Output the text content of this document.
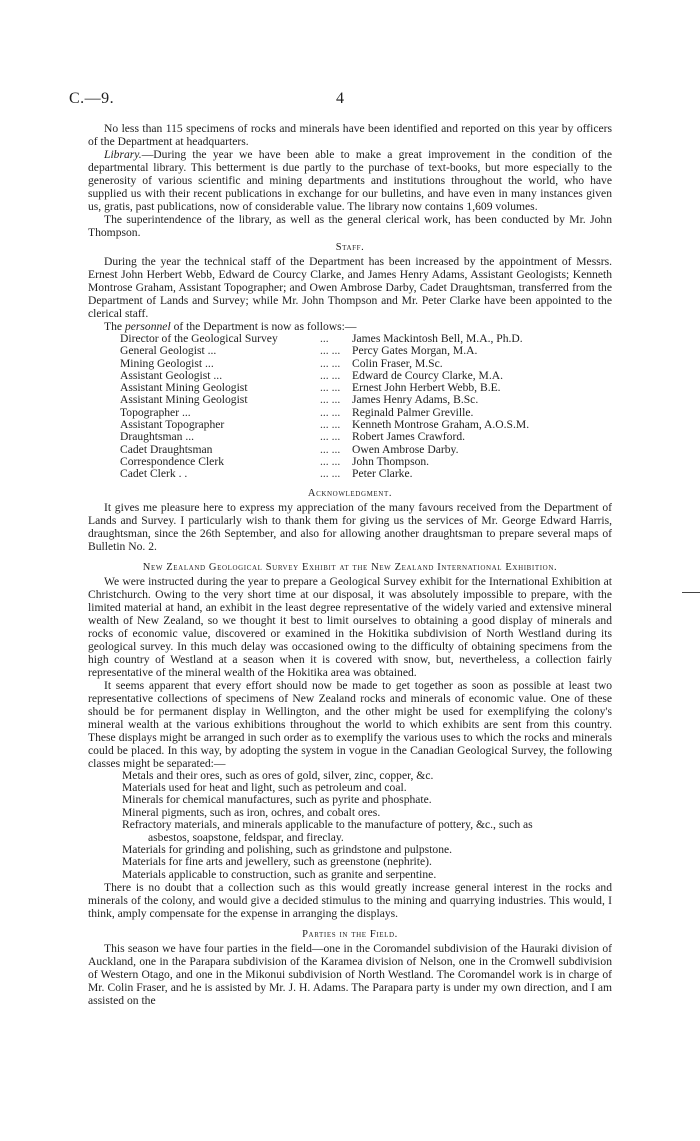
C.—9.	4

No less than 115 specimens of rocks and minerals have been identified and reported on this year by officers of the Department at headquarters.

Library.—During the year we have been able to make a great improvement in the condition of the departmental library. This betterment is due partly to the purchase of text-books, but more especially to the generosity of various scientific and mining departments and institutions throughout the world, who have supplied us with their recent publications in exchange for our bulletins, and have even in many instances given us, gratis, past publications, now of considerable value. The library now contains 1,609 volumes.

The superintendence of the library, as well as the general clerical work, has been conducted by Mr. John Thompson.

Staff.

During the year the technical staff of the Department has been increased by the appointment of Messrs. Ernest John Herbert Webb, Edward de Courcy Clarke, and James Henry Adams, Assistant Geologists; Kenneth Montrose Graham, Assistant Topographer; and Owen Ambrose Darby, Cadet Draughtsman, transferred from the Department of Lands and Survey; while Mr. John Thompson and Mr. Peter Clarke have been appointed to the clerical staff.

The personnel of the Department is now as follows:—

Director of the Geological Survey	...	James Mackintosh Bell, M.A., Ph.D.
General Geologist ...	... ...	Percy Gates Morgan, M.A.
Mining Geologist ...	... ...	Colin Fraser, M.Sc.
Assistant Geologist ...	... ...	Edward de Courcy Clarke, M.A.
Assistant Mining Geologist	... ...	Ernest John Herbert Webb, B.E.
Assistant Mining Geologist	... ...	James Henry Adams, B.Sc.
Topographer ...	... ...	Reginald Palmer Greville.
Assistant Topographer	... ...	Kenneth Montrose Graham, A.O.S.M.
Draughtsman ...	... ...	Robert James Crawford.
Cadet Draughtsman	... ...	Owen Ambrose Darby.
Correspondence Clerk	... ...	John Thompson.
Cadet Clerk . .	... ...	Peter Clarke.
Acknowledgment.

It gives me pleasure here to express my appreciation of the many favours received from the Department of Lands and Survey. I particularly wish to thank them for giving us the services of Mr. George Edward Harris, draughtsman, since the 26th September, and also for allowing another draughtsman to prepare several maps of Bulletin No. 2.

New Zealand Geological Survey Exhibit at the New Zealand International Exhibition.

We were instructed during the year to prepare a Geological Survey exhibit for the International Exhibition at Christchurch. Owing to the very short time at our disposal, it was absolutely impossible to prepare, with the limited material at hand, an exhibit in the least degree representative of the widely varied and extensive mineral wealth of New Zealand, so we thought it best to limit ourselves to obtaining a good display of minerals and rocks of economic value, discovered or examined in the Hokitika subdivision of North Westland during its geological survey. In this much delay was occasioned owing to the difficulty of obtaining specimens from the high country of Westland at a season when it is covered with snow, but, nevertheless, a collection fairly representative of the mineral wealth of the Hokitika area was obtained.

It seems apparent that every effort should now be made to get together as soon as possible at least two representative collections of specimens of New Zealand rocks and minerals of economic value. One of these should be for permanent display in Wellington, and the other might be used for exemplifying the colony's mineral wealth at the various exhibitions throughout the world to which exhibits are sent from this country. These displays might be arranged in such order as to exemplify the various uses to which the rocks and minerals could be placed. In this way, by adopting the system in vogue in the Canadian Geological Survey, the following classes might be separated:—

Metals and their ores, such as ores of gold, silver, zinc, copper, &c.
Materials used for heat and light, such as petroleum and coal.
Minerals for chemical manufactures, such as pyrite and phosphate.
Mineral pigments, such as iron, ochres, and cobalt ores.
Refractory materials, and minerals applicable to the manufacture of pottery, &c., such as
asbestos, soapstone, feldspar, and fireclay.
Materials for grinding and polishing, such as grindstone and pulpstone.
Materials for fine arts and jewellery, such as greenstone (nephrite).
Materials applicable to construction, such as granite and serpentine.

There is no doubt that a collection such as this would greatly increase general interest in the rocks and minerals of the colony, and would give a decided stimulus to the mining and quarrying industries. This would, I think, amply compensate for the expense in arranging the displays.

Parties in the Field.

This season we have four parties in the field—one in the Coromandel subdivision of the Hauraki division of Auckland, one in the Parapara subdivision of the Karamea division of Nelson, one in the Cromwell subdivision of Western Otago, and one in the Mikonui subdivision of North Westland. The Coromandel work is in charge of Mr. Colin Fraser, and he is assisted by Mr. J. H. Adams. The Parapara party is under my own direction, and I am assisted on the
